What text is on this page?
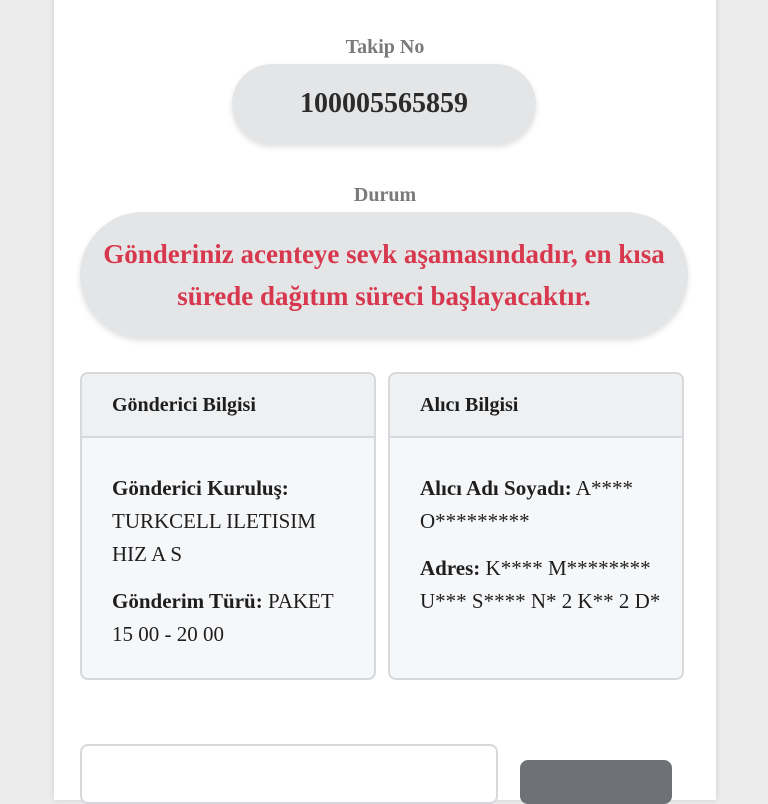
Takip No
100005565859
Durum
Gönderiniz acenteye sevk aşamasındadır, en kısa sürede dağıtım süreci başlayacaktır.
Gönderici Bilgisi
Gönderici Kuruluş: TURKCELL ILETISIM HIZ A S
Gönderim Türü: PAKET 15 00 - 20 00
Alıcı Bilgisi
Alıcı Adı Soyadı: A**** O*********
Adres: K**** M******** U*** S**** N* 2 K** 2 D*
